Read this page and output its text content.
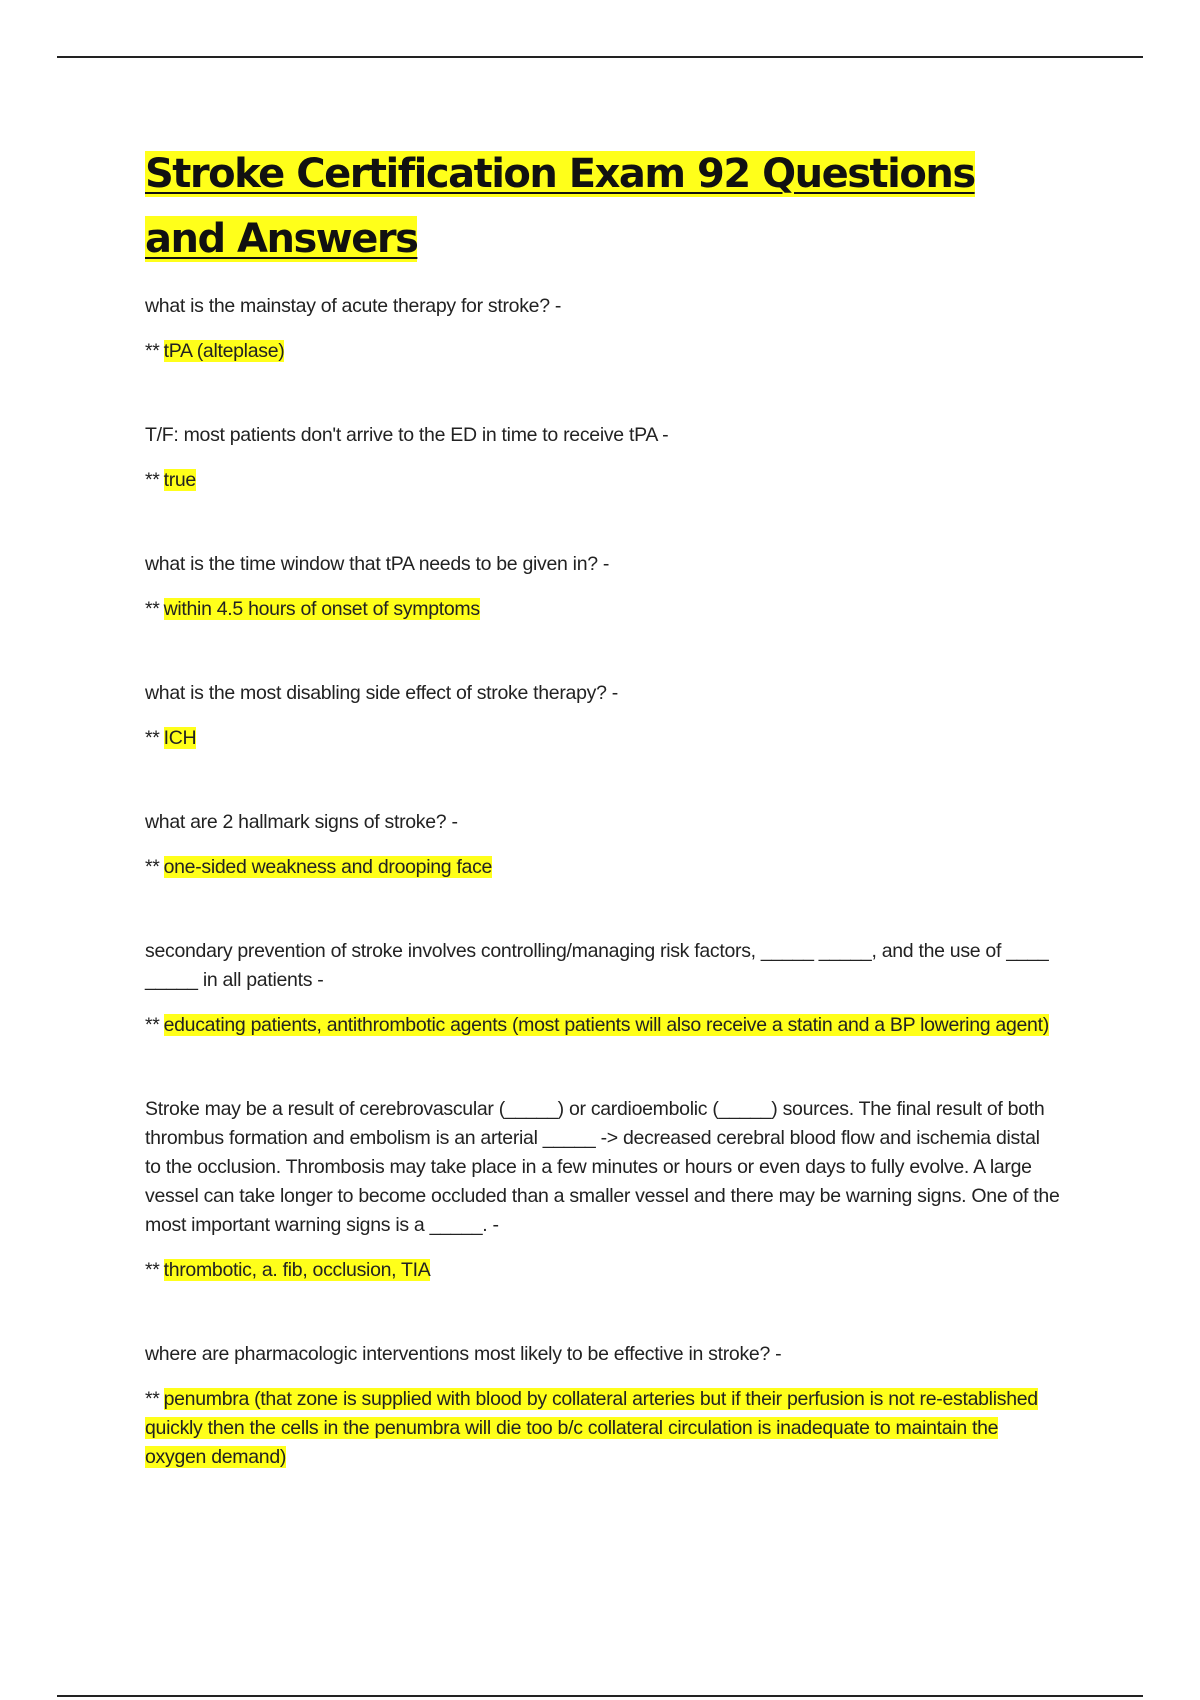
Stroke Certification Exam 92 Questions and Answers

what is the mainstay of acute therapy for stroke? -

** tPA (alteplase)

T/F: most patients don't arrive to the ED in time to receive tPA -

** true

what is the time window that tPA needs to be given in? -

** within 4.5 hours of onset of symptoms

what is the most disabling side effect of stroke therapy? -

** ICH

what are 2 hallmark signs of stroke? -

** one-sided weakness and drooping face

secondary prevention of stroke involves controlling/managing risk factors, _____ _____, and the use of ____ _____ in all patients -

** educating patients, antithrombotic agents (most patients will also receive a statin and a BP lowering agent)

Stroke may be a result of cerebrovascular (_____) or cardioembolic (_____) sources. The final result of both thrombus formation and embolism is an arterial _____ -> decreased cerebral blood flow and ischemia distal to the occlusion. Thrombosis may take place in a few minutes or hours or even days to fully evolve. A large vessel can take longer to become occluded than a smaller vessel and there may be warning signs. One of the most important warning signs is a _____. -

** thrombotic, a. fib, occlusion, TIA

where are pharmacologic interventions most likely to be effective in stroke? -

** penumbra (that zone is supplied with blood by collateral arteries but if their perfusion is not re-established quickly then the cells in the penumbra will die too b/c collateral circulation is inadequate to maintain the oxygen demand)
